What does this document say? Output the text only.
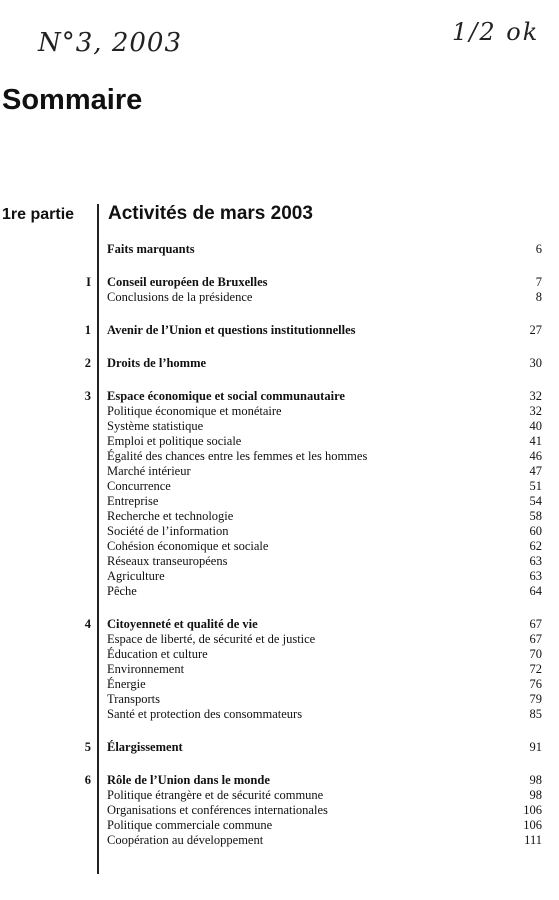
N°3, 2003	1/2 ok
Sommaire
1re partie Activités de mars 2003
Faits marquants	6
I Conseil européen de Bruxelles	7
Conclusions de la présidence	8
1 Avenir de l’Union et questions institutionnelles	27
2 Droits de l’homme	30
3 Espace économique et social communautaire	32
Politique économique et monétaire	32
Système statistique	40
Emploi et politique sociale	41
Égalité des chances entre les femmes et les hommes	46
Marché intérieur	47
Concurrence	51
Entreprise	54
Recherche et technologie	58
Société de l’information	60
Cohésion économique et sociale	62
Réseaux transeuropéens	63
Agriculture	63
Pêche	64
4 Citoyenneté et qualité de vie	67
Espace de liberté, de sécurité et de justice	67
Éducation et culture	70
Environnement	72
Énergie	76
Transports	79
Santé et protection des consommateurs	85
5 Élargissement	91
6 Rôle de l’Union dans le monde	98
Politique étrangère et de sécurité commune	98
Organisations et conférences internationales	106
Politique commerciale commune	106
Coopération au développement	111
